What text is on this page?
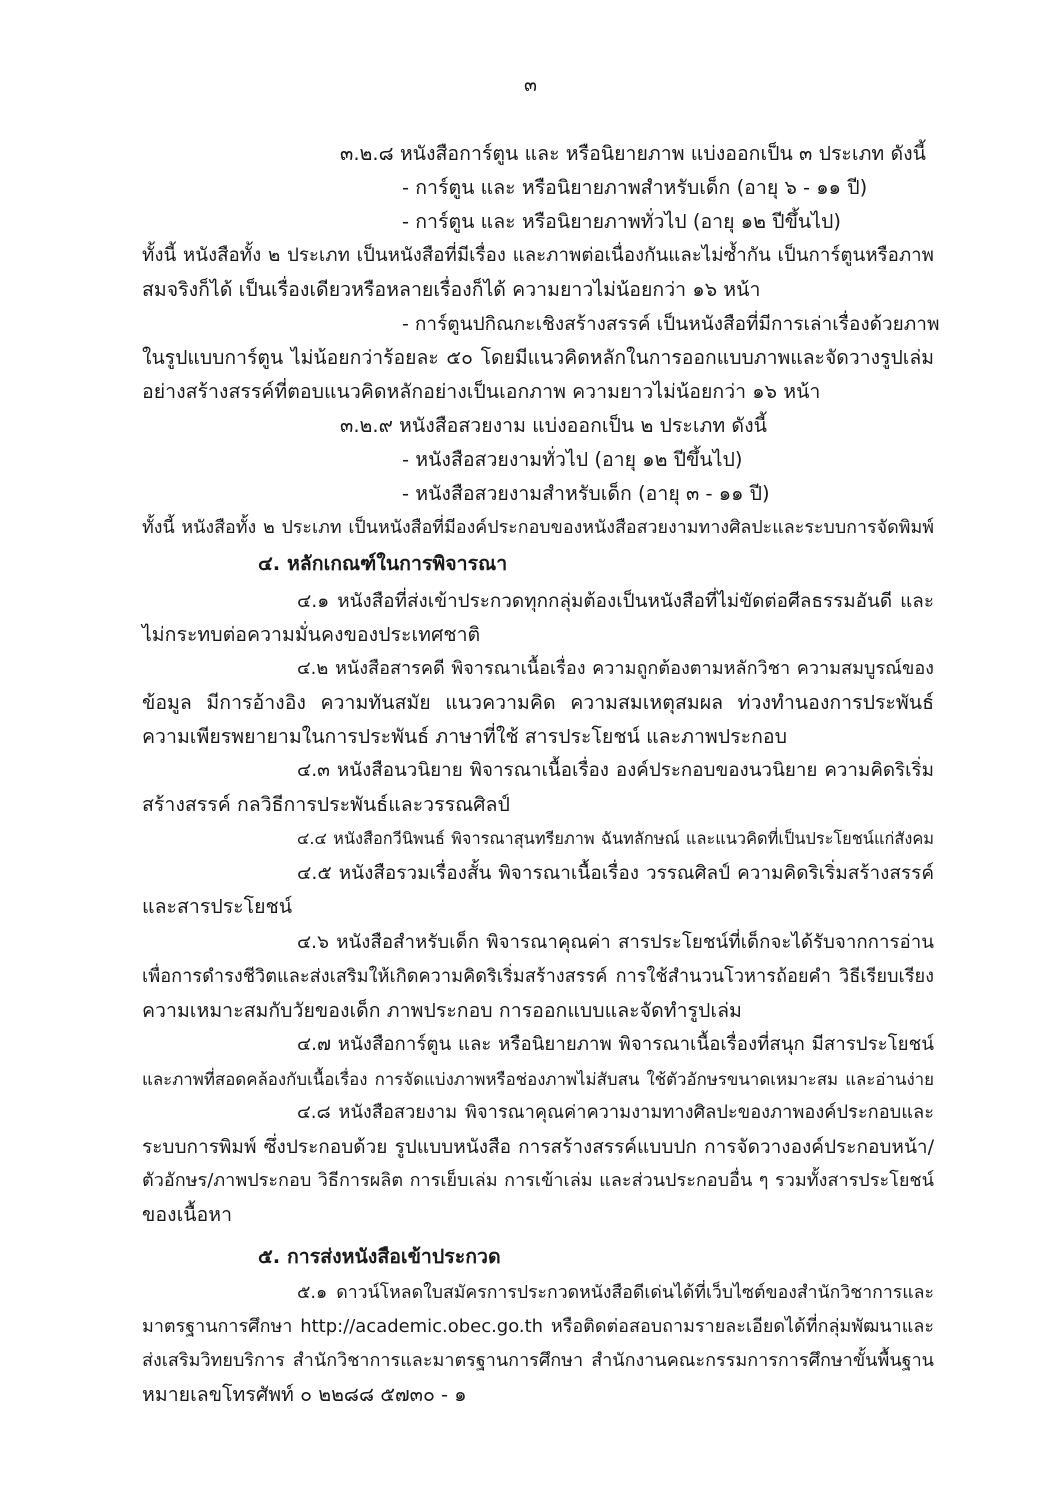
๓
๓.๒.๘ หนังสือการ์ตูน และ หรือนิยายภาพ แบ่งออกเป็น ๓ ประเภท ดังนี้
- การ์ตูน และ หรือนิยายภาพสำหรับเด็ก (อายุ ๖ - ๑๑ ปี)
- การ์ตูน และ หรือนิยายภาพทั่วไป (อายุ ๑๒ ปีขึ้นไป)
ทั้งนี้ หนังสือทั้ง ๒ ประเภท เป็นหนังสือที่มีเรื่อง และภาพต่อเนื่องกันและไม่ซ้ำกัน เป็นการ์ตูนหรือภาพ
สมจริงก็ได้ เป็นเรื่องเดียวหรือหลายเรื่องก็ได้ ความยาวไม่น้อยกว่า ๑๖ หน้า
- การ์ตูนปกิณกะเชิงสร้างสรรค์ เป็นหนังสือที่มีการเล่าเรื่องด้วยภาพ
ในรูปแบบการ์ตูน ไม่น้อยกว่าร้อยละ ๕๐ โดยมีแนวคิดหลักในการออกแบบภาพและจัดวางรูปเล่ม
อย่างสร้างสรรค์ที่ตอบแนวคิดหลักอย่างเป็นเอกภาพ ความยาวไม่น้อยกว่า ๑๖ หน้า
๓.๒.๙ หนังสือสวยงาม แบ่งออกเป็น ๒ ประเภท ดังนี้
- หนังสือสวยงามทั่วไป (อายุ ๑๒ ปีขึ้นไป)
- หนังสือสวยงามสำหรับเด็ก (อายุ ๓ - ๑๑ ปี)
ทั้งนี้ หนังสือทั้ง ๒ ประเภท เป็นหนังสือที่มีองค์ประกอบของหนังสือสวยงามทางศิลปะและระบบการจัดพิมพ์
๔. หลักเกณฑ์ในการพิจารณา
๔.๑ หนังสือที่ส่งเข้าประกวดทุกกลุ่มต้องเป็นหนังสือที่ไม่ขัดต่อศีลธรรมอันดี และ
ไม่กระทบต่อความมั่นคงของประเทศชาติ
๔.๒ หนังสือสารคดี พิจารณาเนื้อเรื่อง ความถูกต้องตามหลักวิชา ความสมบูรณ์ของ
ข้อมูล มีการอ้างอิง ความทันสมัย แนวความคิด ความสมเหตุสมผล ท่วงทำนองการประพันธ์
ความเพียรพยายามในการประพันธ์ ภาษาที่ใช้ สารประโยชน์ และภาพประกอบ
๔.๓ หนังสือนวนิยาย พิจารณาเนื้อเรื่อง องค์ประกอบของนวนิยาย ความคิดริเริ่ม
สร้างสรรค์ กลวิธีการประพันธ์และวรรณศิลป์
๔.๔ หนังสือกวีนิพนธ์ พิจารณาสุนทรียภาพ ฉันทลักษณ์ และแนวคิดที่เป็นประโยชน์แก่สังคม
๔.๕ หนังสือรวมเรื่องสั้น พิจารณาเนื้อเรื่อง วรรณศิลป์ ความคิดริเริ่มสร้างสรรค์
และสารประโยชน์
๔.๖ หนังสือสำหรับเด็ก พิจารณาคุณค่า สารประโยชน์ที่เด็กจะได้รับจากการอ่าน
เพื่อการดำรงชีวิตและส่งเสริมให้เกิดความคิดริเริ่มสร้างสรรค์ การใช้สำนวนโวหารถ้อยคำ วิธีเรียบเรียง
ความเหมาะสมกับวัยของเด็ก ภาพประกอบ การออกแบบและจัดทำรูปเล่ม
๔.๗ หนังสือการ์ตูน และ หรือนิยายภาพ พิจารณาเนื้อเรื่องที่สนุก มีสารประโยชน์
และภาพที่สอดคล้องกับเนื้อเรื่อง การจัดแบ่งภาพหรือช่องภาพไม่สับสน ใช้ตัวอักษรขนาดเหมาะสม และอ่านง่าย
๔.๘ หนังสือสวยงาม พิจารณาคุณค่าความงามทางศิลปะของภาพองค์ประกอบและ
ระบบการพิมพ์ ซึ่งประกอบด้วย รูปแบบหนังสือ การสร้างสรรค์แบบปก การจัดวางองค์ประกอบหน้า/
ตัวอักษร/ภาพประกอบ วิธีการผลิต การเย็บเล่ม การเข้าเล่ม และส่วนประกอบอื่น ๆ รวมทั้งสารประโยชน์
ของเนื้อหา
๕. การส่งหนังสือเข้าประกวด
๕.๑ ดาวน์โหลดใบสมัครการประกวดหนังสือดีเด่นได้ที่เว็บไซต์ของสำนักวิชาการและ
มาตรฐานการศึกษา http://academic.obec.go.th หรือติดต่อสอบถามรายละเอียดได้ที่กลุ่มพัฒนาและ
ส่งเสริมวิทยบริการ สำนักวิชาการและมาตรฐานการศึกษา สำนักงานคณะกรรมการการศึกษาขั้นพื้นฐาน
หมายเลขโทรศัพท์ ๐ ๒๒๘๘ ๕๗๓๐ - ๑
